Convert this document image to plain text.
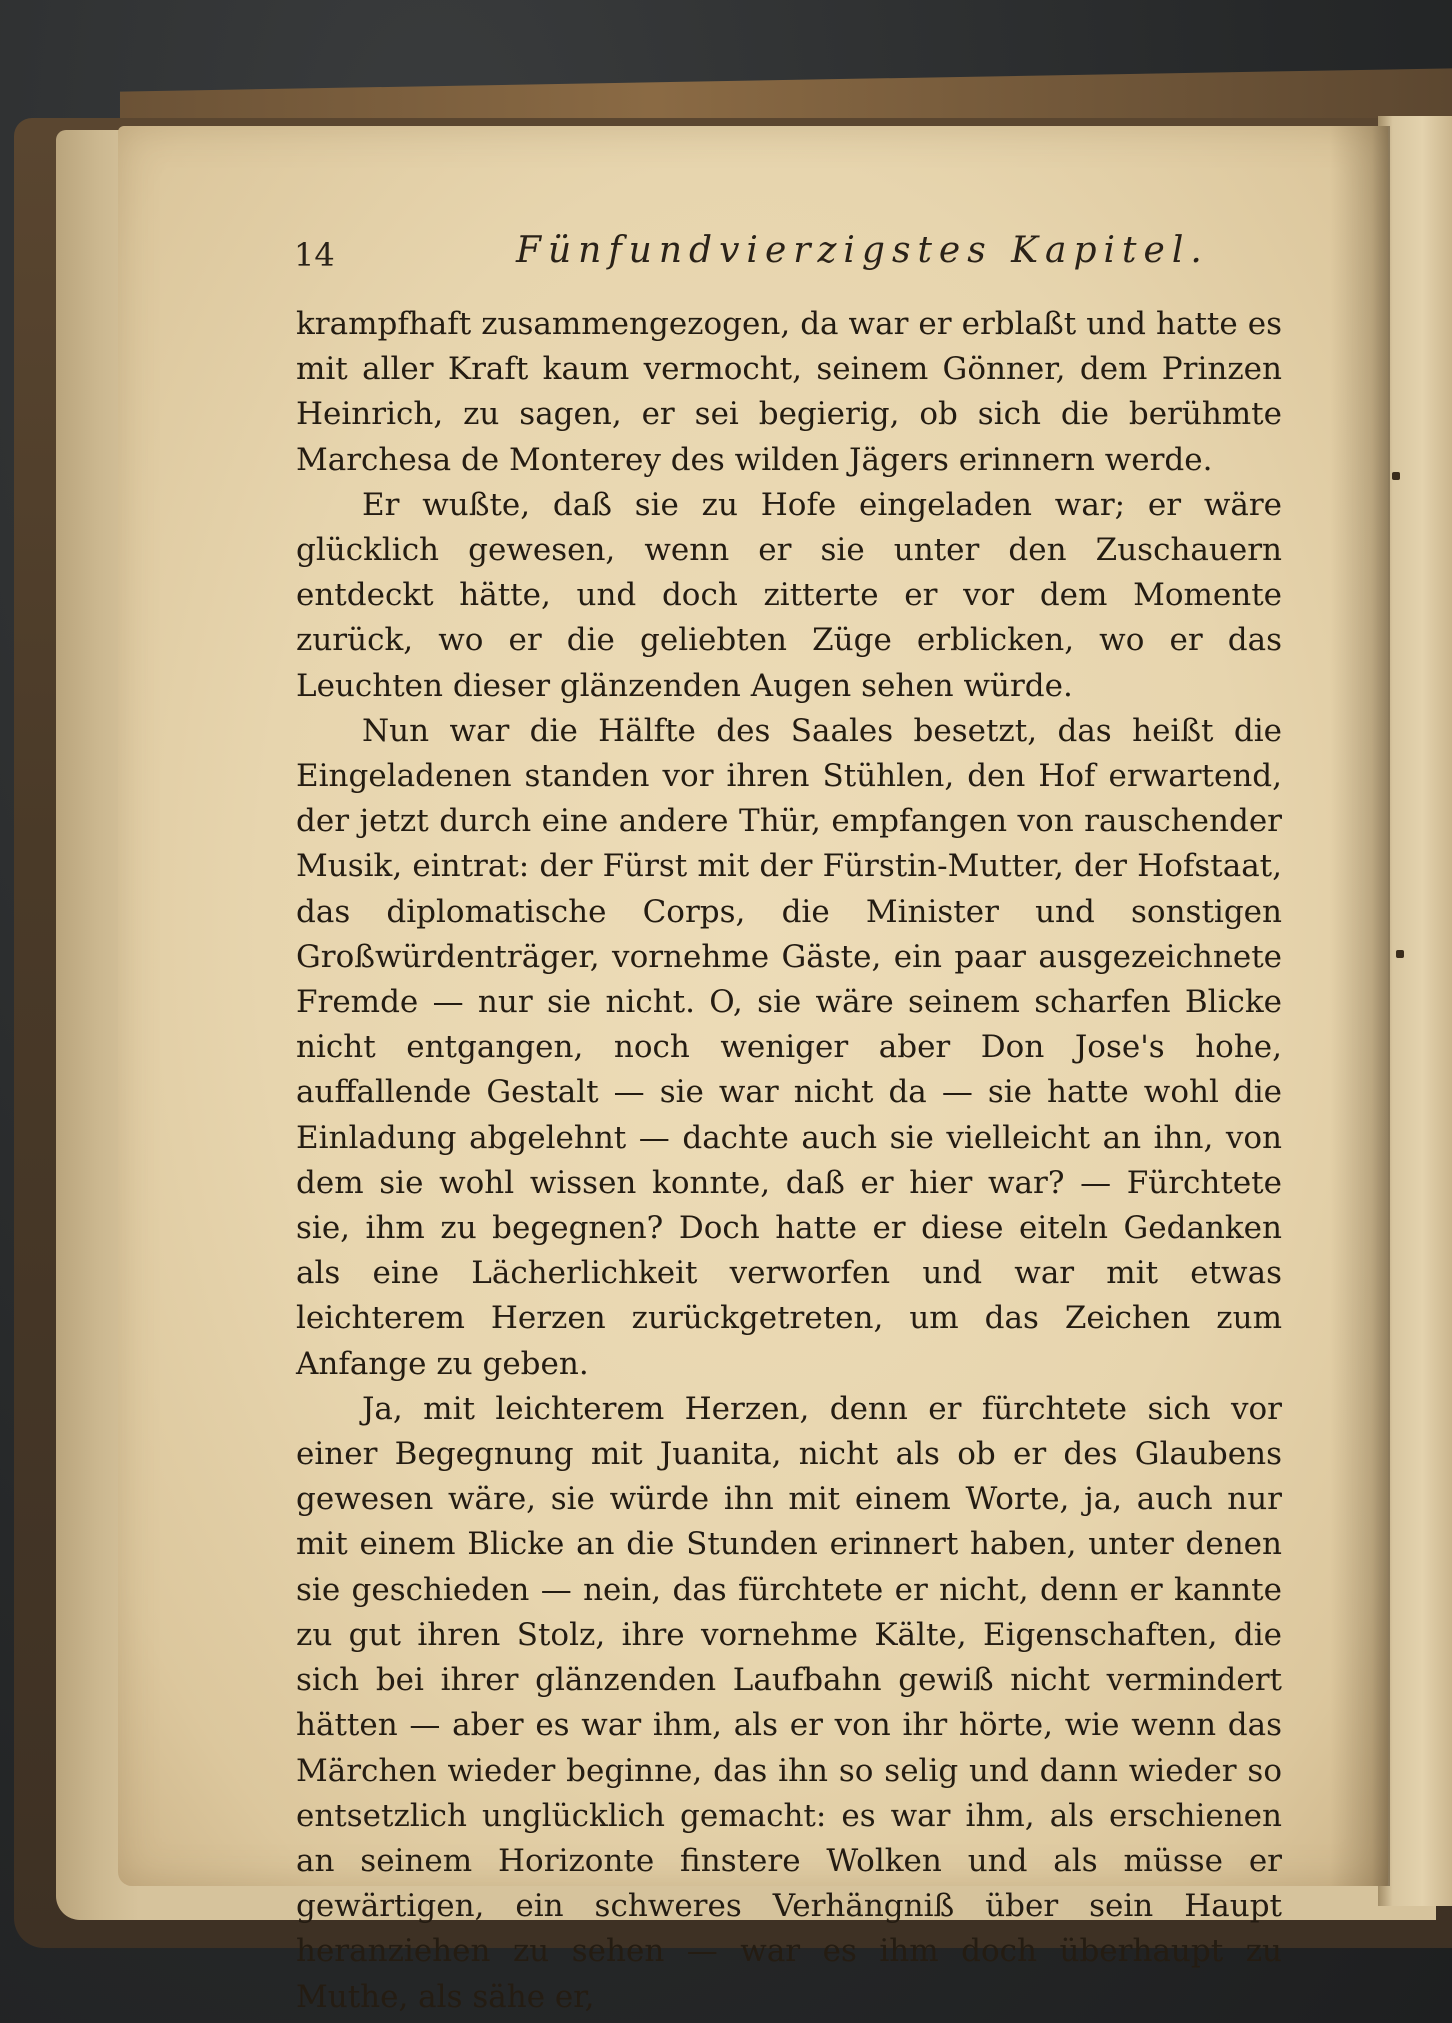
14	Fünfundvierzigstes Kapitel.

krampfhaft zusammengezogen, da war er erblaßt und hatte es mit aller Kraft kaum vermocht, seinem Gönner, dem Prinzen Heinrich, zu sagen, er sei begierig, ob sich die berühmte Marchesa de Monterey des wilden Jägers erinnern werde.

Er wußte, daß sie zu Hofe eingeladen war; er wäre glücklich gewesen, wenn er sie unter den Zuschauern entdeckt hätte, und doch zitterte er vor dem Momente zurück, wo er die geliebten Züge erblicken, wo er das Leuchten dieser glänzenden Augen sehen würde.

Nun war die Hälfte des Saales besetzt, das heißt die Eingeladenen standen vor ihren Stühlen, den Hof erwartend, der jetzt durch eine andere Thür, empfangen von rauschender Musik, eintrat: der Fürst mit der Fürstin-Mutter, der Hofstaat, das diplomatische Corps, die Minister und sonstigen Großwürdenträger, vornehme Gäste, ein paar ausgezeichnete Fremde — nur sie nicht. O, sie wäre seinem scharfen Blicke nicht entgangen, noch weniger aber Don Jose's hohe, auffallende Gestalt — sie war nicht da — sie hatte wohl die Einladung abgelehnt — dachte auch sie vielleicht an ihn, von dem sie wohl wissen konnte, daß er hier war? — Fürchtete sie, ihm zu begegnen? Doch hatte er diese eiteln Gedanken als eine Lächerlichkeit verworfen und war mit etwas leichterem Herzen zurückgetreten, um das Zeichen zum Anfange zu geben.

Ja, mit leichterem Herzen, denn er fürchtete sich vor einer Begegnung mit Juanita, nicht als ob er des Glaubens gewesen wäre, sie würde ihn mit einem Worte, ja, auch nur mit einem Blicke an die Stunden erinnert haben, unter denen sie geschieden — nein, das fürchtete er nicht, denn er kannte zu gut ihren Stolz, ihre vornehme Kälte, Eigenschaften, die sich bei ihrer glänzenden Laufbahn gewiß nicht vermindert hätten — aber es war ihm, als er von ihr hörte, wie wenn das Märchen wieder beginne, das ihn so selig und dann wieder so entsetzlich unglücklich gemacht: es war ihm, als erschienen an seinem Horizonte finstere Wolken und als müsse er gewärtigen, ein schweres Verhängniß über sein Haupt heranziehen zu sehen — war es ihm doch überhaupt zu Muthe, als sähe er,
